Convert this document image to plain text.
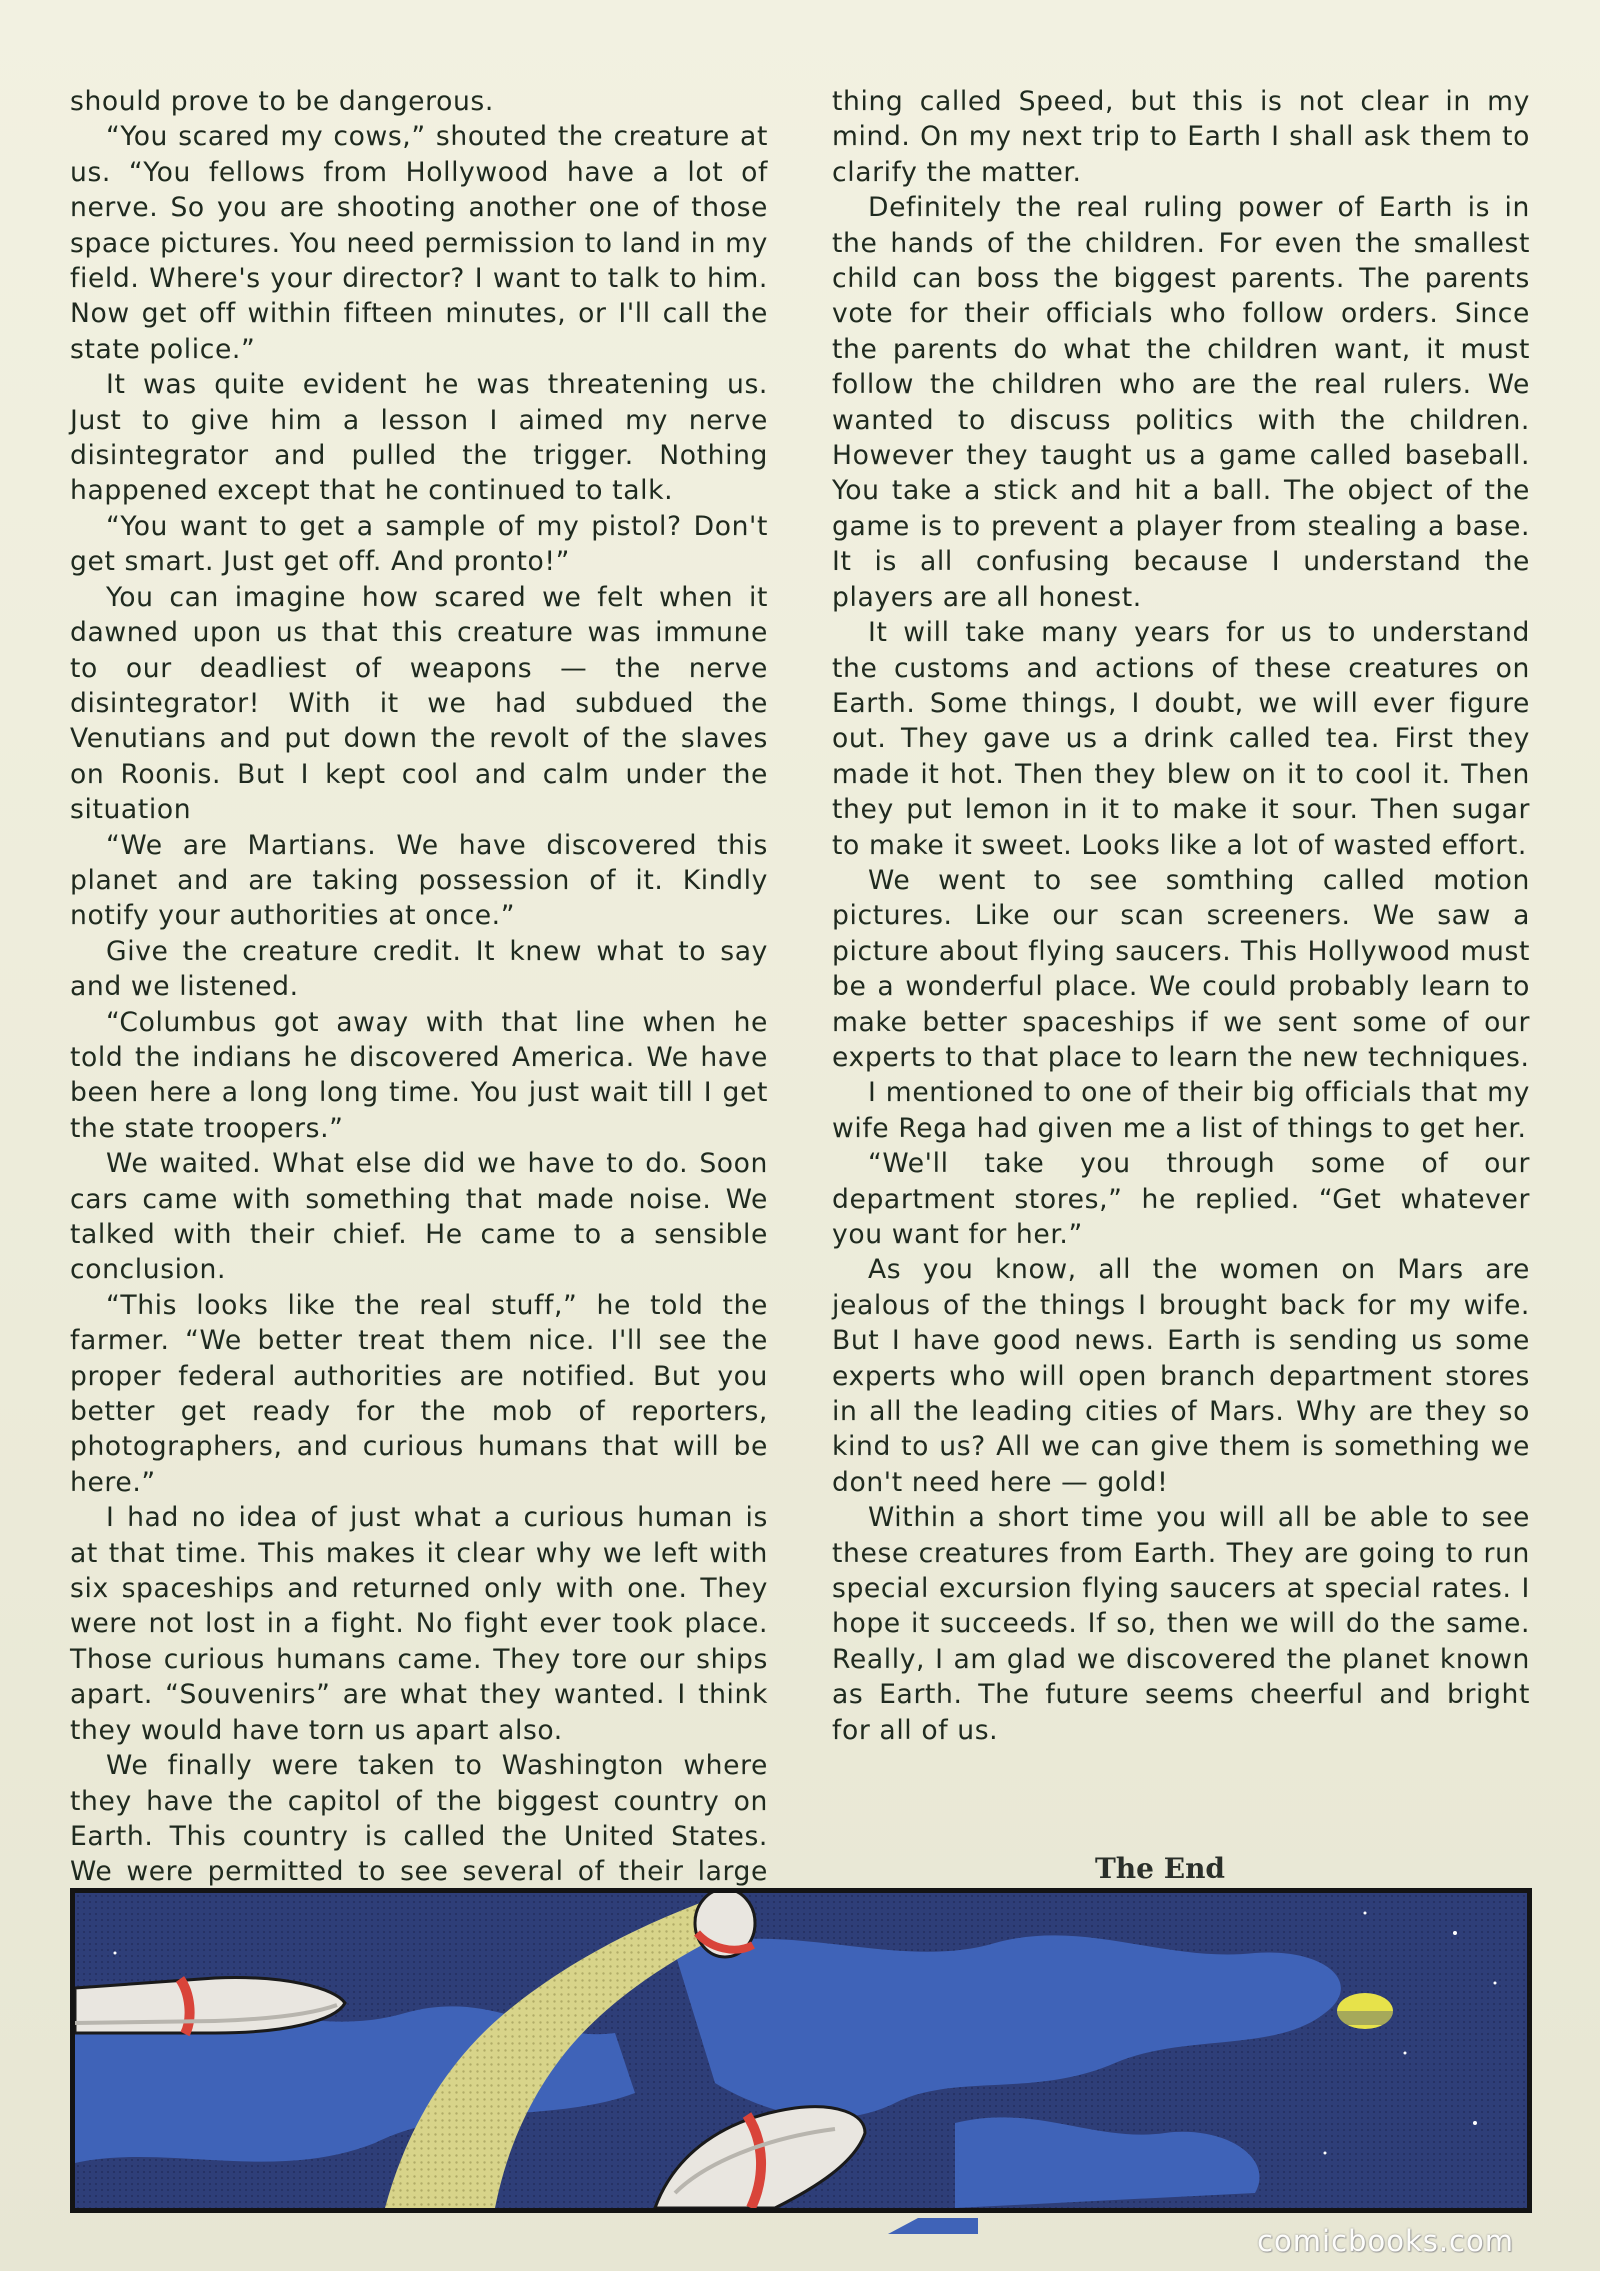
should prove to be dangerous.

“You scared my cows,” shouted the creature at us. “You fellows from Hollywood have a lot of nerve. So you are shooting another one of those space pictures. You need permission to land in my field. Where's your director? I want to talk to him. Now get off within fifteen minutes, or I'll call the state police.”

It was quite evident he was threatening us. Just to give him a lesson I aimed my nerve disintegrator and pulled the trigger. Nothing happened except that he continued to talk.

“You want to get a sample of my pistol? Don't get smart. Just get off. And pronto!”

You can imagine how scared we felt when it dawned upon us that this creature was immune to our deadliest of weapons — the nerve disintegrator! With it we had subdued the Venutians and put down the revolt of the slaves on Roonis. But I kept cool and calm under the situation

“We are Martians. We have discovered this planet and are taking possession of it. Kindly notify your authorities at once.”

Give the creature credit. It knew what to say and we listened.

“Columbus got away with that line when he told the indians he discovered America. We have been here a long long time. You just wait till I get the state troopers.”

We waited. What else did we have to do. Soon cars came with something that made noise. We talked with their chief. He came to a sensible conclusion.

“This looks like the real stuff,” he told the farmer. “We better treat them nice. I'll see the proper federal authorities are notified. But you better get ready for the mob of reporters, photographers, and curious humans that will be here.”

I had no idea of just what a curious human is at that time. This makes it clear why we left with six spaceships and returned only with one. They were not lost in a fight. No fight ever took place. Those curious humans came. They tore our ships apart. “Souvenirs” are what they wanted. I think they would have torn us apart also.

We finally were taken to Washington where they have the capitol of the biggest country on Earth. This country is called the United States. We were permitted to see several of their large

thing called Speed, but this is not clear in my mind. On my next trip to Earth I shall ask them to clarify the matter.

Definitely the real ruling power of Earth is in the hands of the children. For even the smallest child can boss the biggest parents. The parents vote for their officials who follow orders. Since the parents do what the children want, it must follow the children who are the real rulers. We wanted to discuss politics with the children. However they taught us a game called baseball. You take a stick and hit a ball. The object of the game is to prevent a player from stealing a base. It is all confusing because I understand the players are all honest.

It will take many years for us to understand the customs and actions of these creatures on Earth. Some things, I doubt, we will ever figure out. They gave us a drink called tea. First they made it hot. Then they blew on it to cool it. Then they put lemon in it to make it sour. Then sugar to make it sweet. Looks like a lot of wasted effort.

We went to see somthing called motion pictures. Like our scan screeners. We saw a picture about flying saucers. This Hollywood must be a wonderful place. We could probably learn to make better spaceships if we sent some of our experts to that place to learn the new techniques.

I mentioned to one of their big officials that my wife Rega had given me a list of things to get her.

“We'll take you through some of our department stores,” he replied. “Get whatever you want for her.”

As you know, all the women on Mars are jealous of the things I brought back for my wife. But I have good news. Earth is sending us some experts who will open branch department stores in all the leading cities of Mars. Why are they so kind to us? All we can give them is something we don't need here — gold!

Within a short time you will all be able to see these creatures from Earth. They are going to run special excursion flying saucers at special rates. I hope it succeeds. If so, then we will do the same. Really, I am glad we discovered the planet known as Earth. The future seems cheerful and bright for all of us.

The End
comicbooks.com
